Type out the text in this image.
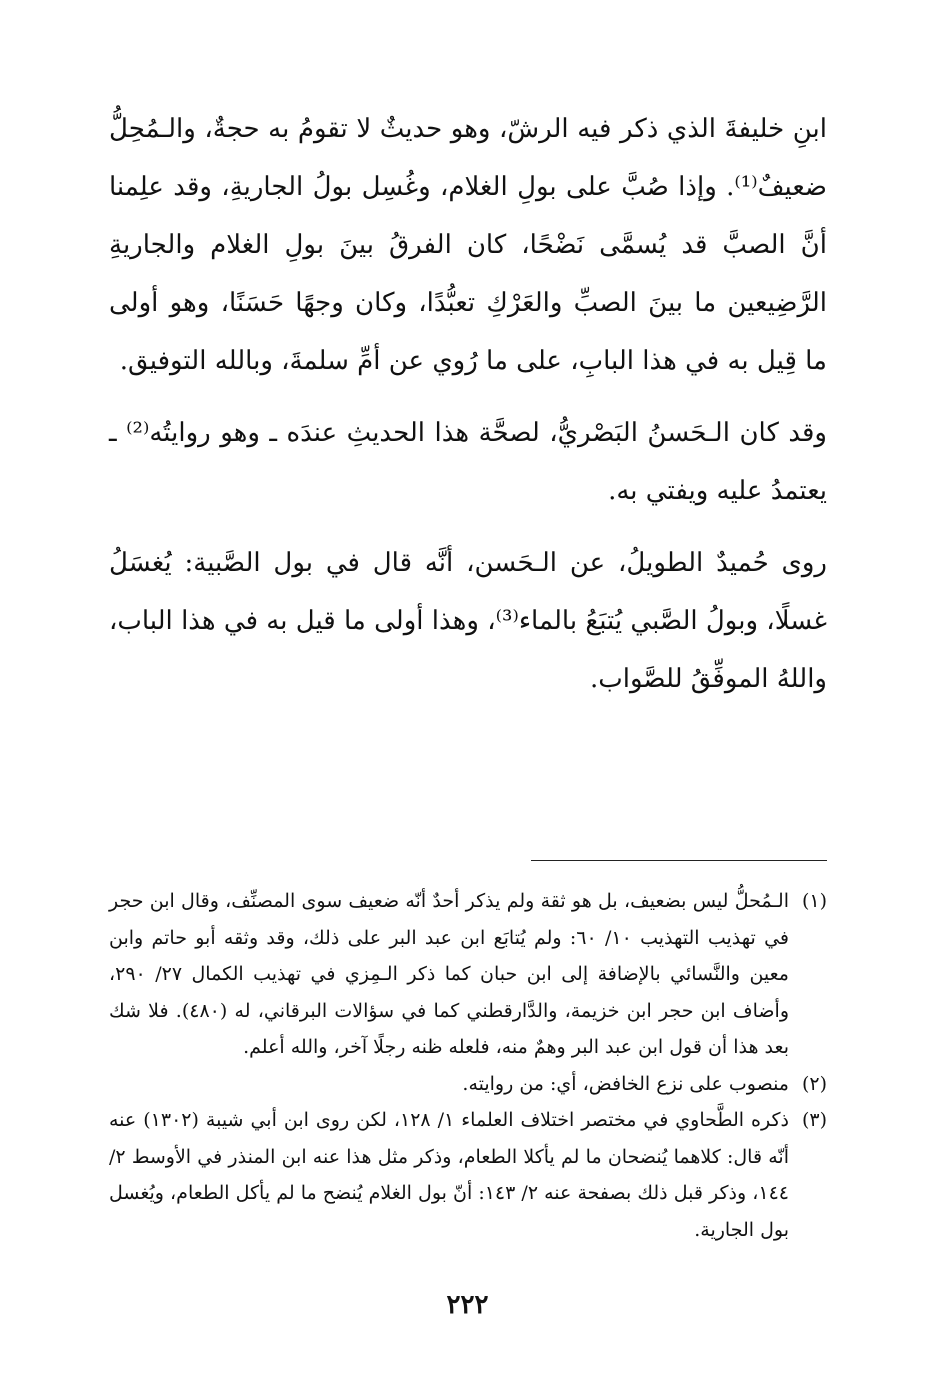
ابنِ خليفةَ الذي ذكر فيه الرشّ، وهو حديثٌ لا تقومُ به حجةٌ، والـمُحِلُّ ضعيفٌ⁽¹⁾. وإذا صُبَّ على بولِ الغلام، وغُسِل بولُ الجاريةِ، وقد علِمنا أنَّ الصبَّ قد يُسمَّى نَضْحًا، كان الفرقُ بينَ بولِ الغلام والجاريةِ الرَّضِيعين ما بينَ الصبِّ والعَرْكِ تعبُّدًا، وكان وجهًا حَسَنًا، وهو أولى ما قِيل به في هذا البابِ، على ما رُوي عن أمِّ سلمةَ، وبالله التوفيق.

وقد كان الـحَسنُ البَصْريُّ، لصحَّة هذا الحديثِ عندَه ـ وهو روايتُه⁽²⁾ ـ يعتمدُ عليه ويفتي به.

روى حُميدٌ الطويلُ، عن الـحَسن، أنَّه قال في بول الصَّبية: يُغسَلُ غسلًا، وبولُ الصَّبي يُتبَعُ بالماء⁽³⁾، وهذا أولى ما قيل به في هذا الباب، واللهُ الموفِّقُ للصَّواب.

(١)
الـمُحلُّ ليس بضعيف، بل هو ثقة ولم يذكر أحدٌ أنّه ضعيف سوى المصنِّف، وقال ابن حجر في تهذيب التهذيب ١٠/ ٦٠: ولم يُتابَع ابن عبد البر على ذلك، وقد وثقه أبو حاتم وابن معين والنَّسائي بالإضافة إلى ابن حبان كما ذكر الـمِزي في تهذيب الكمال ٢٧/ ٢٩٠، وأضاف ابن حجر ابن خزيمة، والدَّارقطني كما في سؤالات البرقاني، له (٤٨٠). فلا شك بعد هذا أن قول ابن عبد البر وهمٌ منه، فلعله ظنه رجلًا آخر، والله أعلم.

(٢)
منصوب على نزع الخافض، أي: من روايته.

(٣)
ذكره الطَّحاوي في مختصر اختلاف العلماء ١/ ١٢٨، لكن روى ابن أبي شيبة (١٣٠٢) عنه أنّه قال: كلاهما يُنضحان ما لم يأكلا الطعام، وذكر مثل هذا عنه ابن المنذر في الأوسط ٢/ ١٤٤، وذكر قبل ذلك بصفحة عنه ٢/ ١٤٣: أنّ بول الغلام يُنضح ما لم يأكل الطعام، ويُغسل بول الجارية.

٢٢٢
